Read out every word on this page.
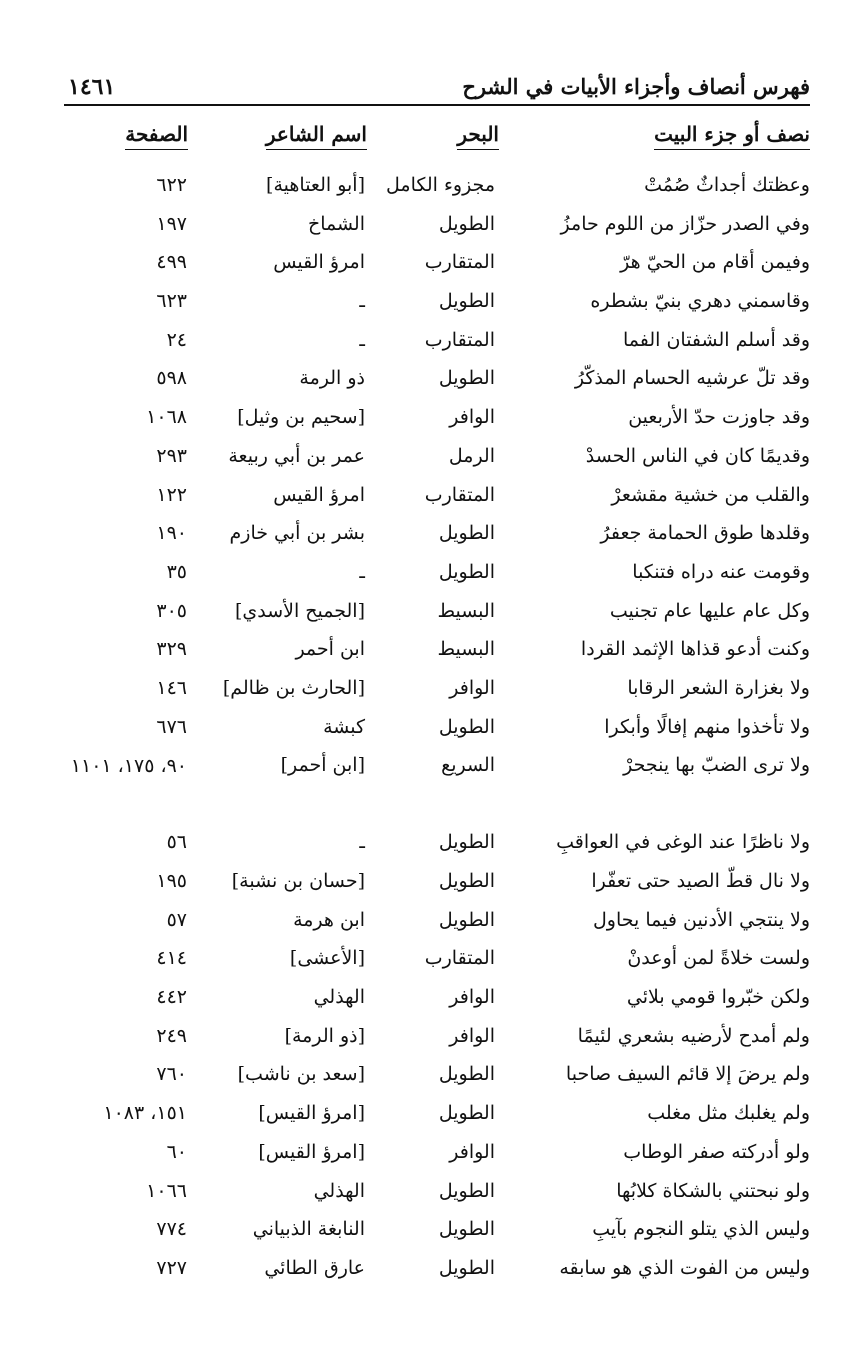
١٤٦١	فهرس أنصاف وأجزاء الأبيات في الشرح
نصف أو جزء البيت
البحر
اسم الشاعر
الصفحة
وعظتك أجداثٌ صُمُتْ
مجزوء الكامل
[أبو العتاهية]
٦٢٢
وفي الصدر حزّاز من اللوم حامزُ
الطويل
الشماخ
١٩٧
وفيمن أقام من الحيّ هرّ
المتقارب
امرؤ القيس
٤٩٩
وقاسمني دهري بنيّ بشطره
الطويل
ـ
٦٢٣
وقد أسلم الشفتان الفما
المتقارب
ـ
٢٤
وقد تلّ عرشيه الحسام المذكّرُ
الطويل
ذو الرمة
٥٩٨
وقد جاوزت حدّ الأربعين
الوافر
[سحيم بن وثيل]
١٠٦٨
وقديمًا كان في الناس الحسدْ
الرمل
عمر بن أبي ربيعة
٢٩٣
والقلب من خشية مقشعرْ
المتقارب
امرؤ القيس
١٢٢
وقلدها طوق الحمامة جعفرُ
الطويل
بشر بن أبي خازم
١٩٠
وقومت عنه دراه فتنكبا
الطويل
ـ
٣٥
وكل عام عليها عام تجنيب
البسيط
[الجميح الأسدي]
٣٠٥
وكنت أدعو قذاها الإثمد القردا
البسيط
ابن أحمر
٣٢٩
ولا بغزارة الشعر الرقابا
الوافر
[الحارث بن ظالم]
١٤٦
ولا تأخذوا منهم إفالًا وأبكرا
الطويل
كبشة
٦٧٦
ولا ترى الضبّ بها ينجحرْ
السريع
[ابن أحمر]
٩٠، ١٧٥، ١١٠١
ولا ناظرًا عند الوغى في العواقبِ
الطويل
ـ
٥٦
ولا نال قطّ الصيد حتى تعفّرا
الطويل
[حسان بن نشبة]
١٩٥
ولا ينتجي الأدنين فيما يحاول
الطويل
ابن هرمة
٥٧
ولست خلاةً لمن أوعدنْ
المتقارب
[الأعشى]
٤١٤
ولكن خبّروا قومي بلائي
الوافر
الهذلي
٤٤٢
ولم أمدح لأرضيه بشعري لئيمًا
الوافر
[ذو الرمة]
٢٤٩
ولم يرضَ إلا قائم السيف صاحبا
الطويل
[سعد بن ناشب]
٧٦٠
ولم يغلبك مثل مغلب
الطويل
[امرؤ القيس]
١٥١، ١٠٨٣
ولو أدركته صفر الوطاب
الوافر
[امرؤ القيس]
٦٠
ولو نبحتني بالشكاة كلابُها
الطويل
الهذلي
١٠٦٦
وليس الذي يتلو النجوم بآيبِ
الطويل
النابغة الذبياني
٧٧٤
وليس من الفوت الذي هو سابقه
الطويل
عارق الطائي
٧٢٧
